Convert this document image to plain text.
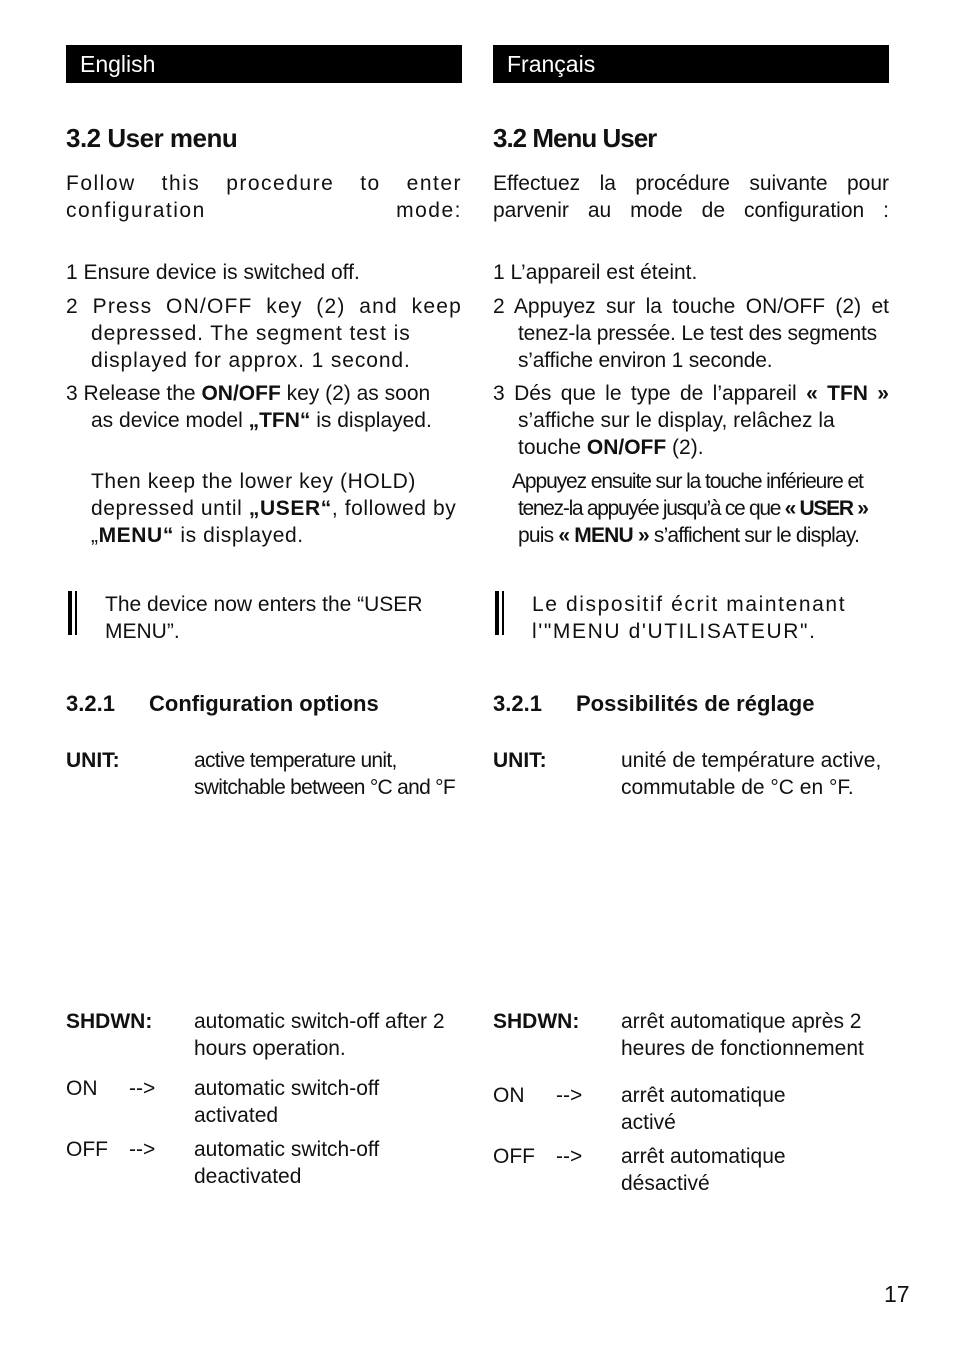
English
3.2 User menu
Follow this procedure to enter configuration mode:
1 Ensure device is switched off.
2 Press ON/OFF key (2) and keep
depressed. The segment test is displayed for approx. 1 second.
3 Release the ON/OFF key (2) as soon
as device model „TFN“ is displayed.
Then keep the lower key (HOLD) depressed until „USER“, followed by „MENU“ is displayed.
The device now enters the “USER MENU”.
3.2.1 Configuration options
UNIT:	active temperature unit, switchable between °C and °F
SHDWN: automatic switch-off after 2 hours operation.
ON --> automatic switch-off activated
OFF --> automatic switch-off deactivated
Français
3.2 Menu User
Effectuez la procédure suivante pour parvenir au mode de configuration :
1 L’appareil est éteint.
2 Appuyez sur la touche ON/OFF (2) et
tenez-la pressée. Le test des segments s’affiche environ 1 seconde.
3 Dés que le type de l’appareil « TFN »
s’affiche sur le display, relâchez la touche ON/OFF (2).
Appuyez ensuite sur la touche inférieure et
tenez-la appuyée jusqu’à ce que « USER »
puis « MENU » s’affichent sur le display.
Le dispositif écrit maintenant l'"MENU d'UTILISATEUR".
3.2.1 Possibilités de réglage
UNIT:	unité de température active, commutable de °C en °F.
SHDWN: arrêt automatique après 2 heures de fonctionnement
ON --> arrêt automatique activé
OFF --> arrêt automatique désactivé
17
